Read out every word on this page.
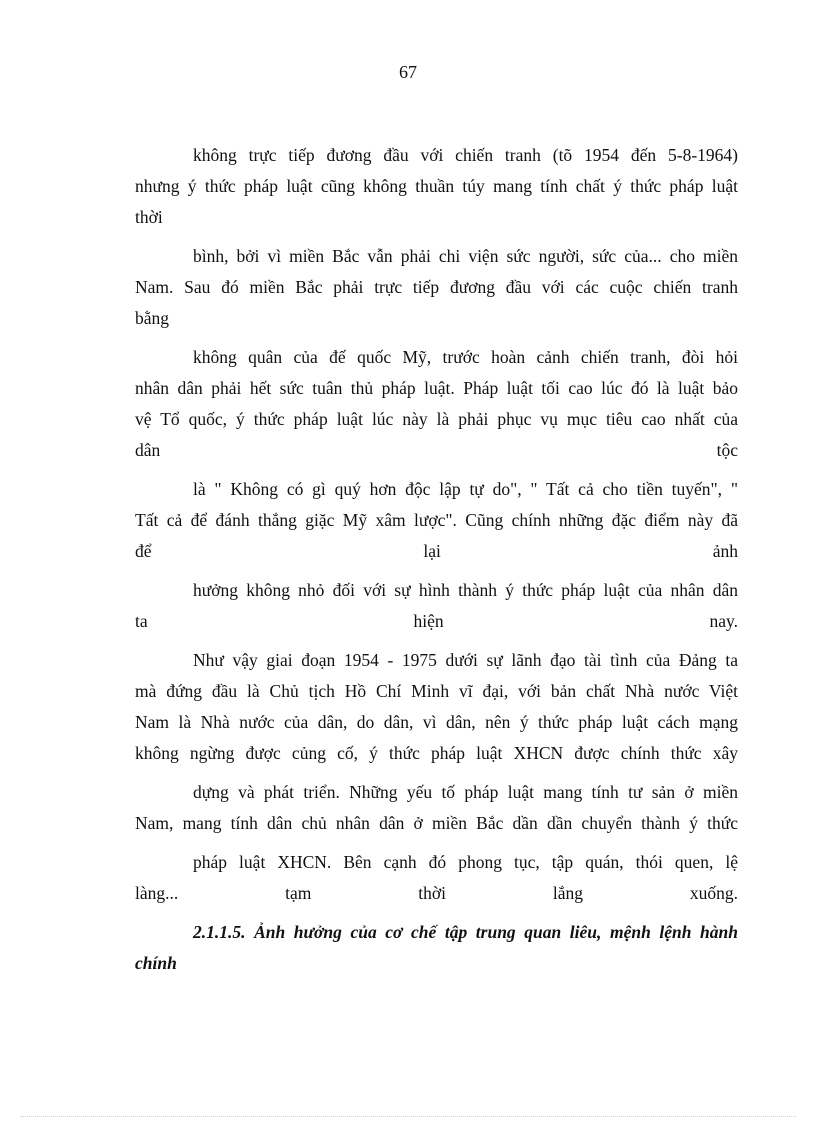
67
không trực tiếp đương đầu với chiến tranh (tõ 1954 đến 5-8-1964)
nhưng ý thức pháp luật cũng không thuần túy mang tính chất ý thức pháp luật
thời
bình, bởi vì miền Bắc vẫn phải chi viện sức người, sức của... cho miền
Nam. Sau đó miền Bắc phải trực tiếp đương đầu với các cuộc chiến tranh
bằng
không quân của đế quốc Mỹ, trước hoàn cảnh chiến tranh, đòi hỏi
nhân dân phải hết sức tuân thủ pháp luật. Pháp luật tối cao lúc đó là luật bảo
vệ Tổ quốc, ý thức pháp luật lúc này là phải phục vụ mục tiêu cao nhất của
dân tộc
là " Không có gì quý hơn độc lập tự do", " Tất cả cho tiền tuyến", "
Tất cả để đánh thắng giặc Mỹ xâm lược". Cũng chính những đặc điểm này đã
để lại ảnh
hưởng không nhỏ đối với sự hình thành ý thức pháp luật của nhân dân
ta hiện nay.
Như vậy giai đoạn 1954 - 1975 dưới sự lãnh đạo tài tình của Đảng ta
mà đứng đầu là Chủ tịch Hồ Chí Minh vĩ đại, với bản chất Nhà nước Việt
Nam là Nhà nước của dân, do dân, vì dân, nên ý thức pháp luật cách mạng
không ngừng được củng cố, ý thức pháp luật XHCN được chính thức xây
dựng và phát triển. Những yếu tố pháp luật mang tính tư sản ở miền
Nam, mang tính dân chủ nhân dân ở miền Bắc dần dần chuyển thành ý thức
pháp luật XHCN. Bên cạnh đó phong tục, tập quán, thói quen, lệ
làng... tạm thời lắng xuống.
2.1.1.5. Ảnh hưởng của cơ chế tập trung quan liêu, mệnh lệnh hành
chính
